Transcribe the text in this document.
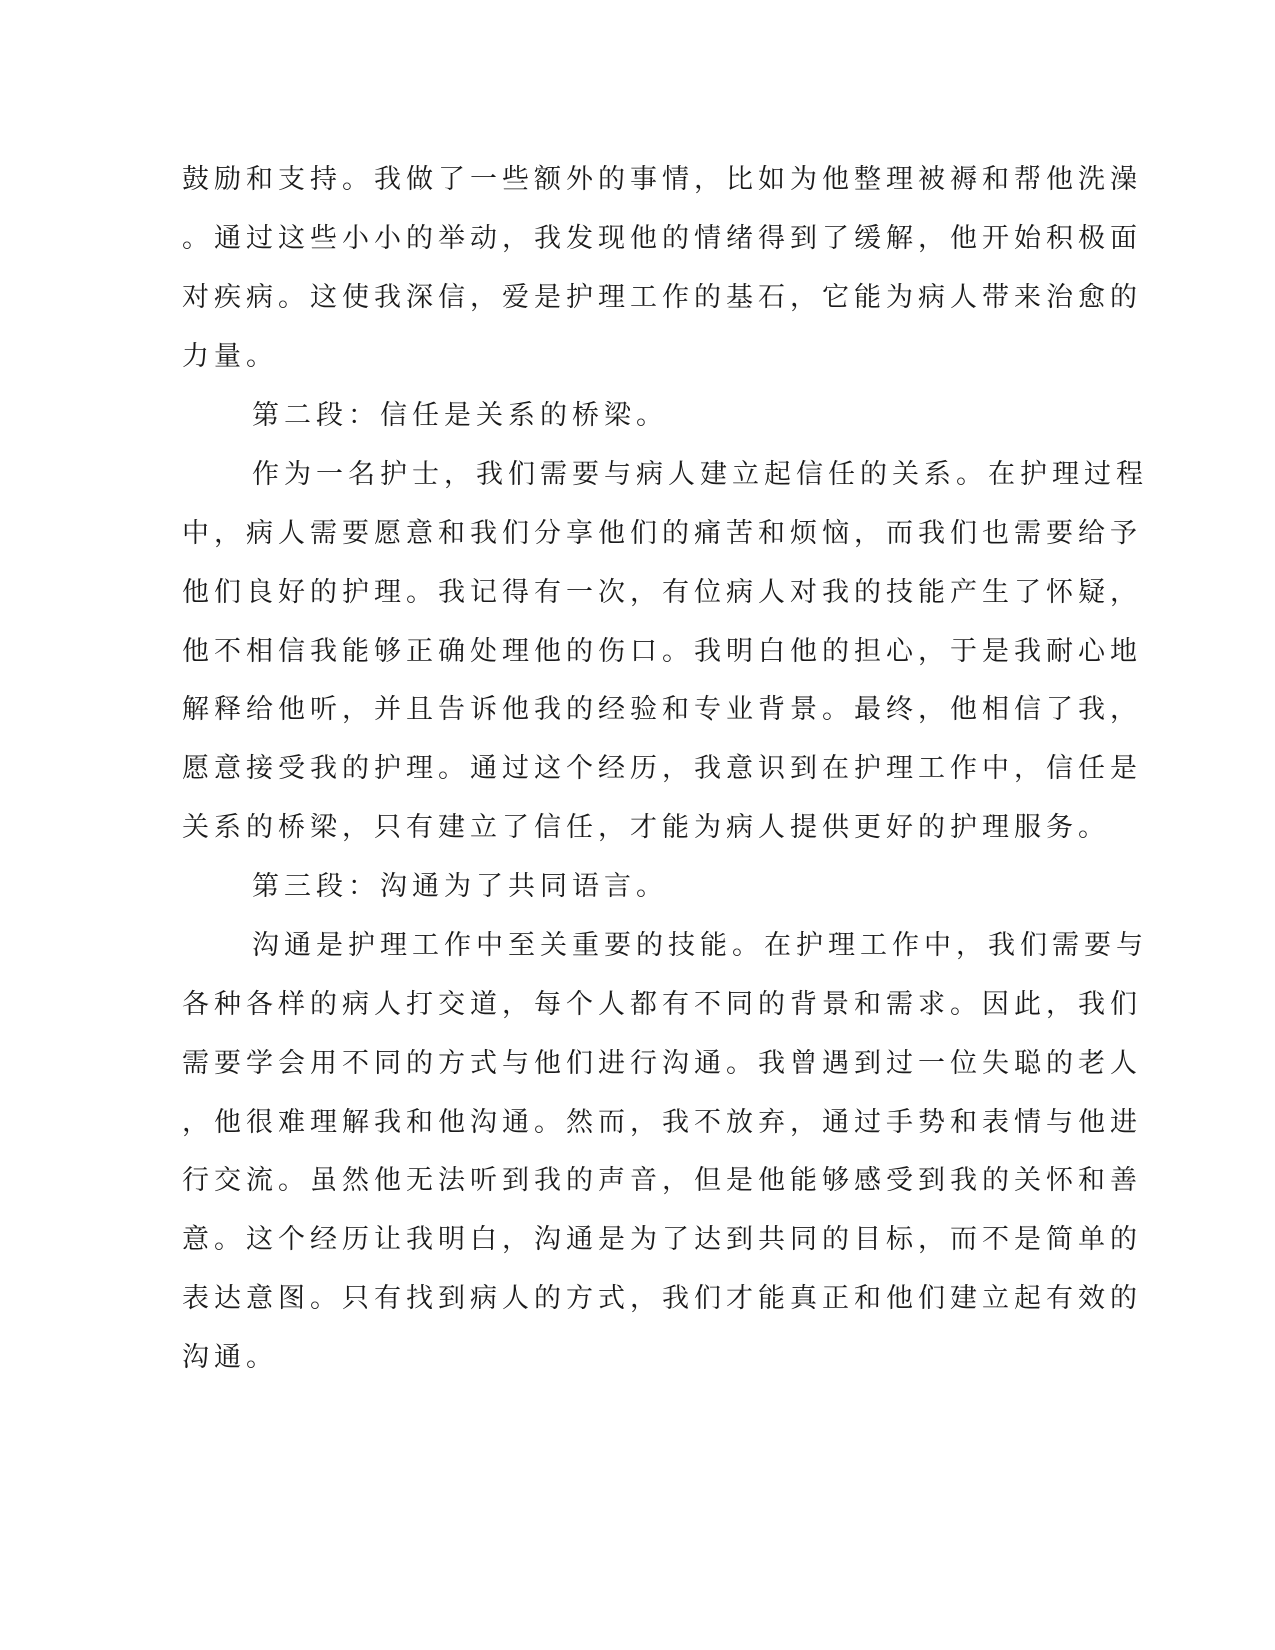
鼓励和支持。我做了一些额外的事情，比如为他整理被褥和帮他洗澡
。通过这些小小的举动，我发现他的情绪得到了缓解，他开始积极面
对疾病。这使我深信，爱是护理工作的基石，它能为病人带来治愈的
力量。
第二段：信任是关系的桥梁。
作为一名护士，我们需要与病人建立起信任的关系。在护理过程
中，病人需要愿意和我们分享他们的痛苦和烦恼，而我们也需要给予
他们良好的护理。我记得有一次，有位病人对我的技能产生了怀疑，
他不相信我能够正确处理他的伤口。我明白他的担心，于是我耐心地
解释给他听，并且告诉他我的经验和专业背景。最终，他相信了我，
愿意接受我的护理。通过这个经历，我意识到在护理工作中，信任是
关系的桥梁，只有建立了信任，才能为病人提供更好的护理服务。
第三段：沟通为了共同语言。
沟通是护理工作中至关重要的技能。在护理工作中，我们需要与
各种各样的病人打交道，每个人都有不同的背景和需求。因此，我们
需要学会用不同的方式与他们进行沟通。我曾遇到过一位失聪的老人
，他很难理解我和他沟通。然而，我不放弃，通过手势和表情与他进
行交流。虽然他无法听到我的声音，但是他能够感受到我的关怀和善
意。这个经历让我明白，沟通是为了达到共同的目标，而不是简单的
表达意图。只有找到病人的方式，我们才能真正和他们建立起有效的
沟通。
